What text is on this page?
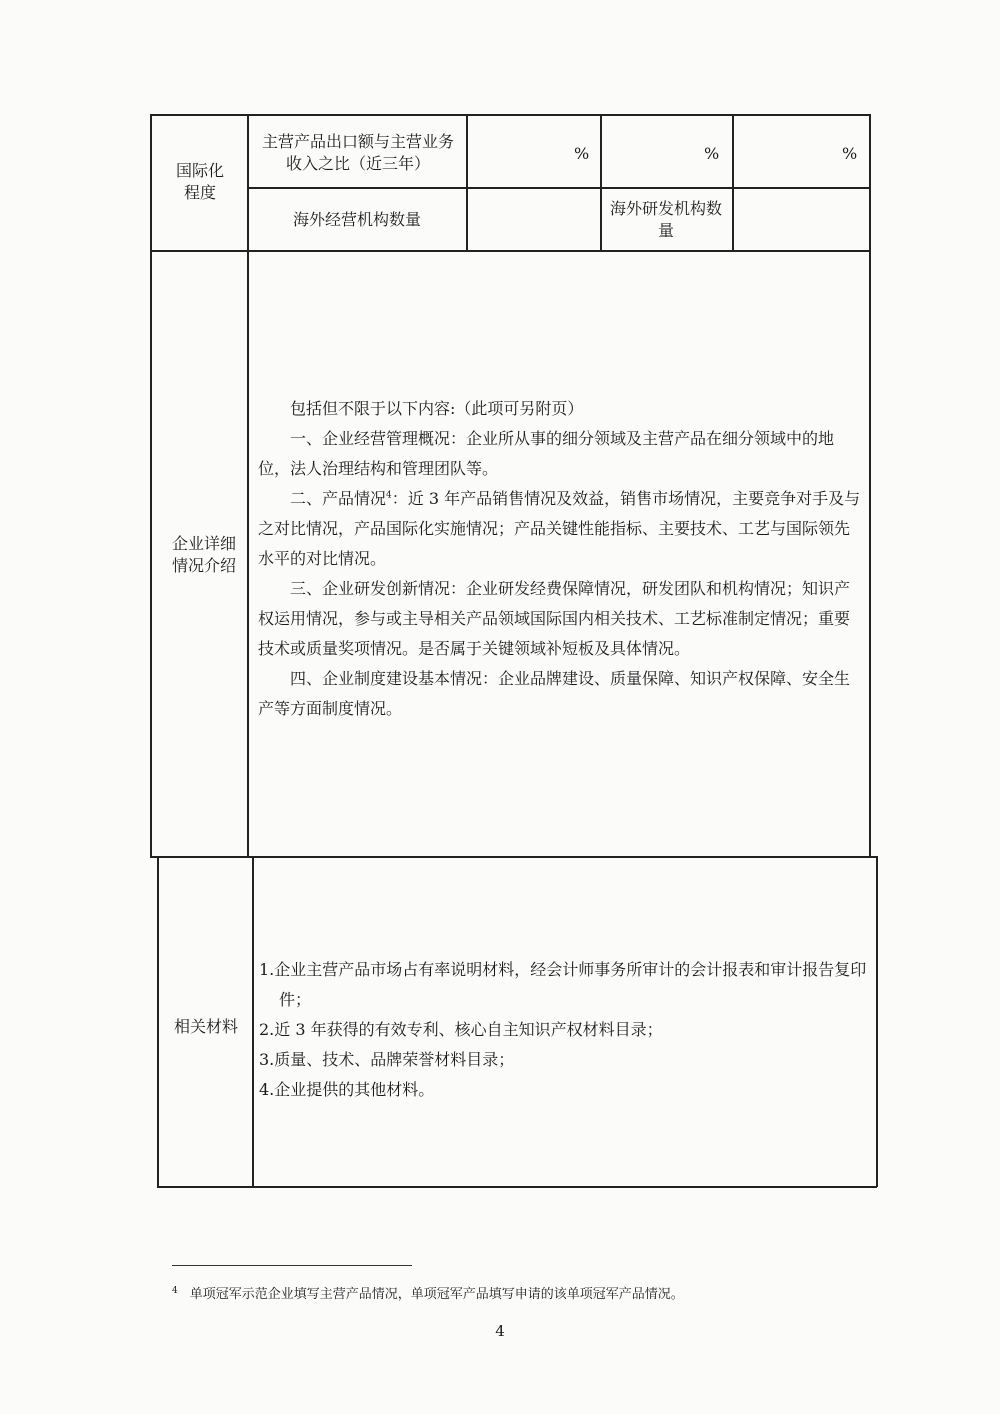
国际化程度
主营产品出口额与主营业务收入之比（近三年）
%	%	%
海外经营机构数量
海外研发机构数量
企业详细情况介绍

包括但不限于以下内容:（此项可另附页）

一、企业经营管理概况：企业所从事的细分领域及主营产品在细分领域中的地位，法人治理结构和管理团队等。

二、产品情况$^4$：近 3 年产品销售情况及效益，销售市场情况，主要竞争对手及与之对比情况，产品国际化实施情况；产品关键性能指标、主要技术、工艺与国际领先水平的对比情况。

三、企业研发创新情况：企业研发经费保障情况，研发团队和机构情况；知识产权运用情况，参与或主导相关产品领域国际国内相关技术、工艺标准制定情况；重要技术或质量奖项情况。是否属于关键领域补短板及具体情况。

四、企业制度建设基本情况：企业品牌建设、质量保障、知识产权保障、安全生产等方面制度情况。

相关材料

1.企业主营产品市场占有率说明材料，经会计师事务所审计的会计报表和审计报告复印件；

2.近 3 年获得的有效专利、核心自主知识产权材料目录；

3.质量、技术、品牌荣誉材料目录；

4.企业提供的其他材料。

$^4$ 单项冠军示范企业填写主营产品情况，单项冠军产品填写申请的该单项冠军产品情况。
4
